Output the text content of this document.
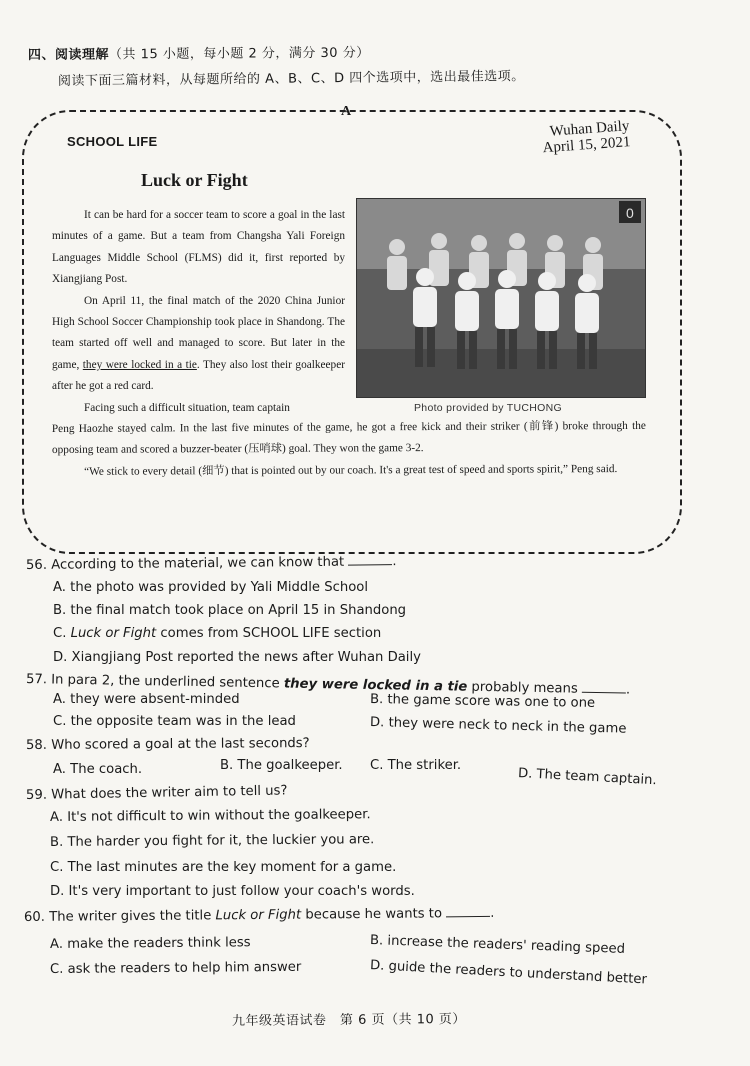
四、阅读理解（共 15 小题，每小题 2 分，满分 30 分）
阅读下面三篇材料，从每题所给的 A、B、C、D 四个选项中，选出最佳选项。
A
SCHOOL LIFE
Wuhan Daily
April 15, 2021
Luck or Fight
It can be hard for a soccer team to score a goal in the last minutes of a game. But a team from Changsha Yali Foreign Languages Middle School (FLMS) did it, first reported by Xiangjiang Post.
On April 11, the final match of the 2020 China Junior High School Soccer Championship took place in Shandong. The team started off well and managed to score. But later in the game, they were locked in a tie. They also lost their goalkeeper after he got a red card.
Facing such a difficult situation, team captain
Peng Haozhe stayed calm. In the last five minutes of the game, he got a free kick and their striker (前锋) broke through the opposing team and scored a buzzer-beater (压哨球) goal. They won the game 3-2.
“We stick to every detail (细节) that is pointed out by our coach. It's a great test of speed and sports spirit,” Peng said.
0
Photo provided by TUCHONG
56. According to the material, we can know that	.
A. the photo was provided by Yali Middle School
B. the final match took place on April 15 in Shandong
C. Luck or Fight comes from SCHOOL LIFE section
D. Xiangjiang Post reported the news after Wuhan Daily
57. In para 2, the underlined sentence they were locked in a tie probably means	.
A. they were absent-minded	B. the game score was one to one
C. the opposite team was in the lead	D. they were neck to neck in the game
58. Who scored a goal at the last seconds?
A. The coach.	B. The goalkeeper. C. The striker.
D. The team captain.
59. What does the writer aim to tell us?
A. It's not difficult to win without the goalkeeper.
B. The harder you fight for it, the luckier you are.
C. The last minutes are the key moment for a game.
D. It's very important to just follow your coach's words.
60. The writer gives the title Luck or Fight because he wants to	.
A. make the readers think less	B. increase the readers' reading speed
C. ask the readers to help him answer	D. guide the readers to understand better
九年级英语试卷　第 6 页（共 10 页）
